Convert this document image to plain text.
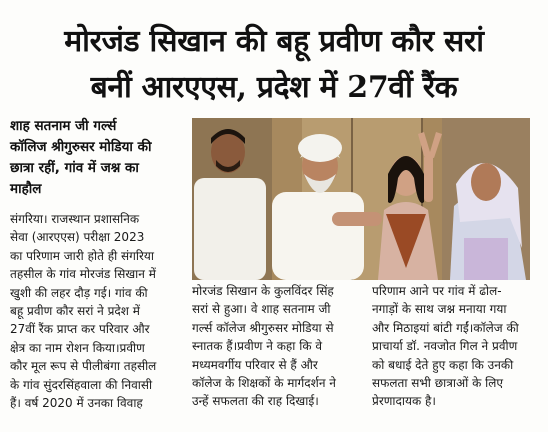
मोरजंड सिखान की बहू प्रवीण कौर सरां
बनीं आरएएस, प्रदेश में 27वीं रैंक
शाह सतनाम जी गर्ल्स
कॉलिज श्रीगुरुसर मोडिया की
छात्रा रहीं, गांव में जश्न का
माहौल
संगरिया। राजस्थान प्रशासनिक
सेवा (आरएएस) परीक्षा 2023
का परिणाम जारी होते ही संगरिया
तहसील के गांव मोरजंड सिखान में
खुशी की लहर दौड़ गई। गांव की
बहू प्रवीण कौर सरां ने प्रदेश में
27वीं रैंक प्राप्त कर परिवार और
क्षेत्र का नाम रोशन किया।प्रवीण
कौर मूल रूप से पीलीबंगा तहसील
के गांव सुंदरसिंहवाला की निवासी
हैं। वर्ष 2020 में उनका विवाह
मोरजंड सिखान के कुलविंदर सिंह
सरां से हुआ। वे शाह सतनाम जी
गर्ल्स कॉलेज श्रीगुरुसर मोडिया से
स्नातक हैं।प्रवीण ने कहा कि वे
मध्यमवर्गीय परिवार से हैं और
कॉलेज के शिक्षकों के मार्गदर्शन ने
उन्हें सफलता की राह दिखाई।
परिणाम आने पर गांव में ढोल-
नगाड़ों के साथ जश्न मनाया गया
और मिठाइयां बांटी गईं।कॉलेज की
प्राचार्या डॉ. नवजोत गिल ने प्रवीण
को बधाई देते हुए कहा कि उनकी
सफलता सभी छात्राओं के लिए
प्रेरणादायक है।
